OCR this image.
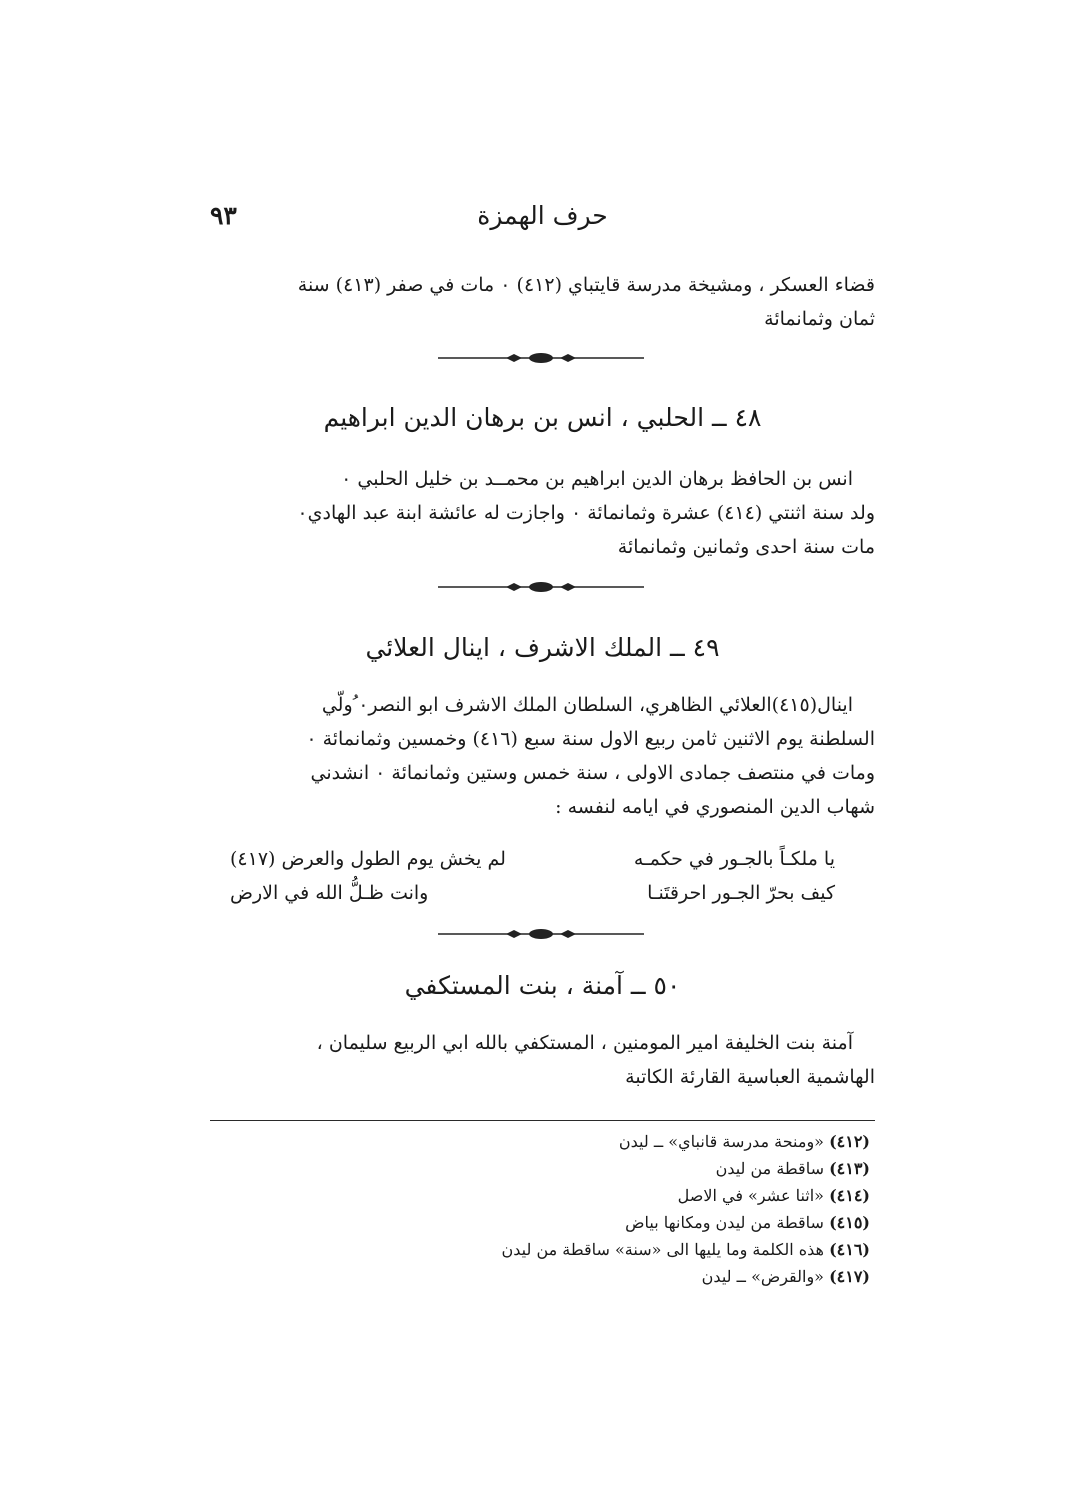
حرف الهمزة
٩٣
قضاء العسكر ، ومشيخة مدرسة قايتباي (٤١٢) ٠ مات في صفر (٤١٣) سنة
ثمان وثمانمائة
٤٨ ــ الحلبي ، انس بن برهان الدين ابراهيم
انس بن الحافظ برهان الدين ابراهيم بن محمــد بن خليل الحلبي ٠
ُولد سنة اثنتي (٤١٤) عشرة وثمانمائة ٠ واجازت له عائشة ابنة عبد الهادي٠
مات سنة احدى وثمانين وثمانمائة
٤٩ ــ الملك الاشرف ، اينال العلائي
اينال(٤١٥)العلائي الظاهري، السلطان الملك الاشرف ابو النصر٠ ُولّي
السلطنة يوم الاثنين ثامن ربيع الاول سنة سبع (٤١٦) وخمسين وثمانمائة ٠
ومات في منتصف جمادى الاولى ، سنة خمس وستين وثمانمائة ٠ انشدني
شهاب الدين المنصوري في ايامه لنفسه :
يا ملكـاً بالجـور في حكمـه
لم يخش يوم الطول والعرض (٤١٧)
كيف بحرّ الجـور احرقتَنـا
وانت ظـلُّ الله في الارض
٥٠ ــ آمنة ، بنت المستكفي
آمنة بنت الخليفة امير المومنين ، المستكفي بالله ابي الربيع سليمان ،
الهاشمية العباسية القارئة الكاتبة
(٤١٢) «ومنحة مدرسة قانباي» ــ ليدن
(٤١٣) ساقطة من ليدن
(٤١٤) «اثنا عشر» في الاصل
(٤١٥) ساقطة من ليدن ومكانها بياض
(٤١٦) هذه الكلمة وما يليها الى «سنة» ساقطة من ليدن
(٤١٧) «والقرض» ــ ليدن
